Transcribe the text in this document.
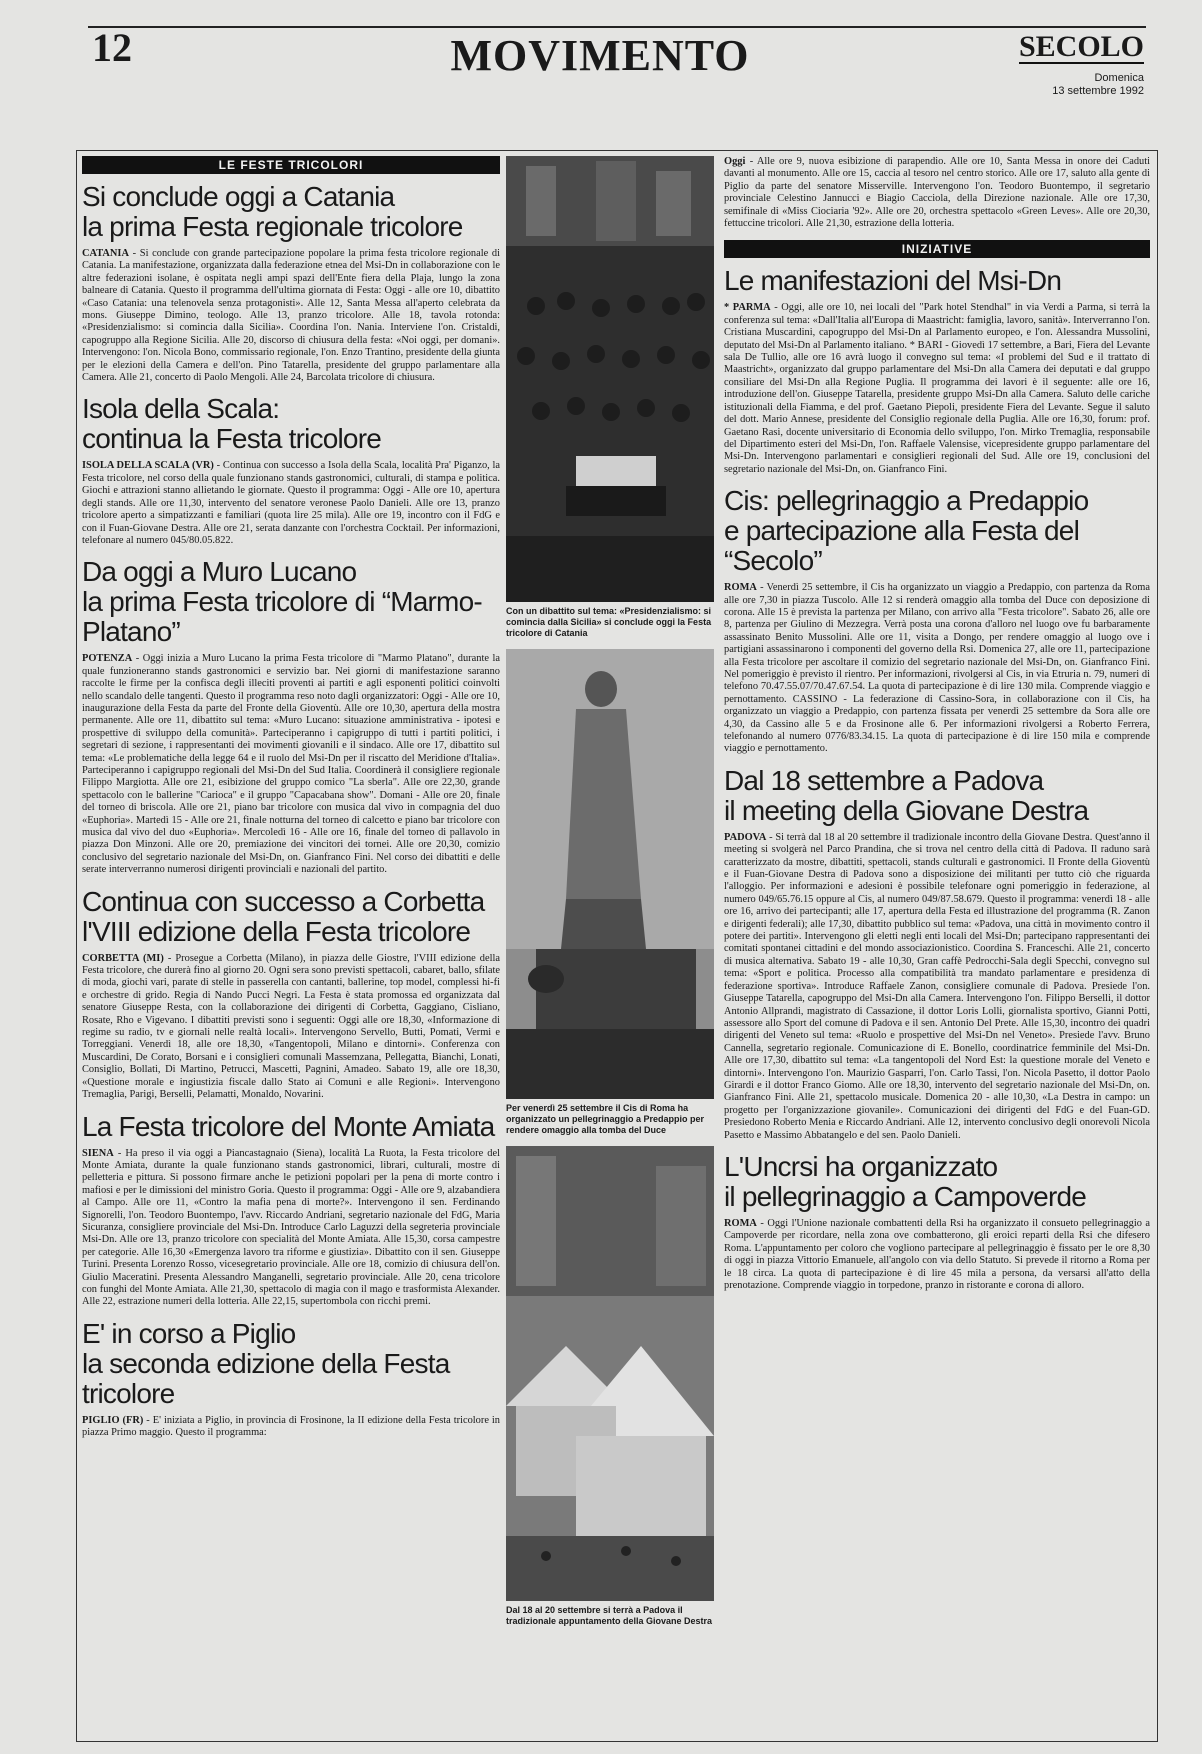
12	MOVIMENTO	SECOLO
Domenica
13 settembre 1992
LE FESTE TRICOLORI
Si conclude oggi a Catania
la prima Festa regionale tricolore

CATANIA - Si conclude con grande partecipazione popolare la prima festa tricolore regionale di Catania. La manifestazione, organizzata dalla federazione etnea del Msi-Dn in collaborazione con le altre federazioni isolane, è ospitata negli ampi spazi dell'Ente fiera della Plaja, lungo la zona balneare di Catania. Questo il programma dell'ultima giornata di Festa: Oggi - alle ore 10, dibattito «Caso Catania: una telenovela senza protagonisti». Alle 12, Santa Messa all'aperto celebrata da mons. Giuseppe Dimino, teologo. Alle 13, pranzo tricolore. Alle 18, tavola rotonda: «Presidenzialismo: si comincia dalla Sicilia». Coordina l'on. Nania. Interviene l'on. Cristaldi, capogruppo alla Regione Sicilia. Alle 20, discorso di chiusura della festa: «Noi oggi, per domani». Intervengono: l'on. Nicola Bono, commissario regionale, l'on. Enzo Trantino, presidente della giunta per le elezioni della Camera e dell'on. Pino Tatarella, presidente del gruppo parlamentare alla Camera. Alle 21, concerto di Paolo Mengoli. Alle 24, Barcolata tricolore di chiusura.

Isola della Scala:
continua la Festa tricolore

ISOLA DELLA SCALA (VR) - Continua con successo a Isola della Scala, località Pra' Piganzo, la Festa tricolore, nel corso della quale funzionano stands gastronomici, culturali, di stampa e politica. Giochi e attrazioni stanno allietando le giornate. Questo il programma: Oggi - Alle ore 10, apertura degli stands. Alle ore 11,30, intervento del senatore veronese Paolo Danieli. Alle ore 13, pranzo tricolore aperto a simpatizzanti e familiari (quota lire 25 mila). Alle ore 19, incontro con il FdG e con il Fuan-Giovane Destra. Alle ore 21, serata danzante con l'orchestra Cocktail. Per informazioni, telefonare al numero 045/80.05.822.

Da oggi a Muro Lucano
la prima Festa tricolore di “Marmo-Platano”

POTENZA - Oggi inizia a Muro Lucano la prima Festa tricolore di "Marmo Platano", durante la quale funzioneranno stands gastronomici e servizio bar. Nei giorni di manifestazione saranno raccolte le firme per la confisca degli illeciti proventi ai partiti e agli esponenti politici coinvolti nello scandalo delle tangenti. Questo il programma reso noto dagli organizzatori: Oggi - Alle ore 10, inaugurazione della Festa da parte del Fronte della Gioventù. Alle ore 10,30, apertura della mostra permanente. Alle ore 11, dibattito sul tema: «Muro Lucano: situazione amministrativa - ipotesi e prospettive di sviluppo della comunità». Parteciperanno i capigruppo di tutti i partiti politici, i segretari di sezione, i rappresentanti dei movimenti giovanili e il sindaco. Alle ore 17, dibattito sul tema: «Le problematiche della legge 64 e il ruolo del Msi-Dn per il riscatto del Meridione d'Italia». Parteciperanno i capigruppo regionali del Msi-Dn del Sud Italia. Coordinerà il consigliere regionale Filippo Margiotta. Alle ore 21, esibizione del gruppo comico "La sberla". Alle ore 22,30, grande spettacolo con le ballerine "Carioca" e il gruppo "Capacabana show". Domani - Alle ore 20, finale del torneo di briscola. Alle ore 21, piano bar tricolore con musica dal vivo in compagnia del duo «Euphoria». Martedì 15 - Alle ore 21, finale notturna del torneo di calcetto e piano bar tricolore con musica dal vivo del duo «Euphoria». Mercoledì 16 - Alle ore 16, finale del torneo di pallavolo in piazza Don Minzoni. Alle ore 20, premiazione dei vincitori dei tornei. Alle ore 20,30, comizio conclusivo del segretario nazionale del Msi-Dn, on. Gianfranco Fini. Nel corso dei dibattiti e delle serate interverranno numerosi dirigenti provinciali e nazionali del partito.

Continua con successo a Corbetta
l'VIII edizione della Festa tricolore

CORBETTA (MI) - Prosegue a Corbetta (Milano), in piazza delle Giostre, l'VIII edizione della Festa tricolore, che durerà fino al giorno 20. Ogni sera sono previsti spettacoli, cabaret, ballo, sfilate di moda, giochi vari, parate di stelle in passerella con cantanti, ballerine, top model, complessi hi-fi e orchestre di grido. Regia di Nando Pucci Negri. La Festa è stata promossa ed organizzata dal senatore Giuseppe Resta, con la collaborazione dei dirigenti di Corbetta, Gaggiano, Cisliano, Rosate, Rho e Vigevano. I dibattiti previsti sono i seguenti: Oggi alle ore 18,30, «Informazione di regime su radio, tv e giornali nelle realtà locali». Intervengono Servello, Butti, Pomati, Vermi e Torreggiani. Venerdì 18, alle ore 18,30, «Tangentopoli, Milano e dintorni». Conferenza con Muscardini, De Corato, Borsani e i consiglieri comunali Massemzana, Pellegatta, Bianchi, Lonati, Consiglio, Bollati, Di Martino, Petrucci, Mascetti, Pagnini, Amadeo. Sabato 19, alle ore 18,30, «Questione morale e ingiustizia fiscale dallo Stato ai Comuni e alle Regioni». Intervengono Tremaglia, Parigi, Berselli, Pelamatti, Monaldo, Novarini.

La Festa tricolore del Monte Amiata

SIENA - Ha preso il via oggi a Piancastagnaio (Siena), località La Ruota, la Festa tricolore del Monte Amiata, durante la quale funzionano stands gastronomici, librari, culturali, mostre di pelletteria e pittura. Si possono firmare anche le petizioni popolari per la pena di morte contro i mafiosi e per le dimissioni del ministro Goria. Questo il programma: Oggi - Alle ore 9, alzabandiera al Campo. Alle ore 11, «Contro la mafia pena di morte?». Intervengono il sen. Ferdinando Signorelli, l'on. Teodoro Buontempo, l'avv. Riccardo Andriani, segretario nazionale del FdG, Maria Sicuranza, consigliere provinciale del Msi-Dn. Introduce Carlo Laguzzi della segreteria provinciale Msi-Dn. Alle ore 13, pranzo tricolore con specialità del Monte Amiata. Alle 15,30, corsa campestre per categorie. Alle 16,30 «Emergenza lavoro tra riforme e giustizia». Dibattito con il sen. Giuseppe Turini. Presenta Lorenzo Rosso, vicesegretario provinciale. Alle ore 18, comizio di chiusura dell'on. Giulio Maceratini. Presenta Alessandro Manganelli, segretario provinciale. Alle 20, cena tricolore con funghi del Monte Amiata. Alle 21,30, spettacolo di magia con il mago e trasformista Alexander. Alle 22, estrazione numeri della lotteria. Alle 22,15, supertombola con ricchi premi.

E' in corso a Piglio
la seconda edizione della Festa tricolore

PIGLIO (FR) - E' iniziata a Piglio, in provincia di Frosinone, la II edizione della Festa tricolore in piazza Primo maggio. Questo il programma:

Con un dibattito sul tema: «Presidenzialismo: si comincia dalla Sicilia» si conclude oggi la Festa tricolore di Catania
Per venerdì 25 settembre il Cis di Roma ha organizzato un pellegrinaggio a Predappio per rendere omaggio alla tomba del Duce
Dal 18 al 20 settembre si terrà a Padova il tradizionale appuntamento della Giovane Destra

Oggi - Alle ore 9, nuova esibizione di parapendio. Alle ore 10, Santa Messa in onore dei Caduti davanti al monumento. Alle ore 15, caccia al tesoro nel centro storico. Alle ore 17, saluto alla gente di Piglio da parte del senatore Misserville. Intervengono l'on. Teodoro Buontempo, il segretario provinciale Celestino Jannucci e Biagio Cacciola, della Direzione nazionale. Alle ore 17,30, semifinale di «Miss Ciociaria '92». Alle ore 20, orchestra spettacolo «Green Leves». Alle ore 20,30, fettuccine tricolori. Alle 21,30, estrazione della lotteria.

INIZIATIVE
Le manifestazioni del Msi-Dn

* PARMA - Oggi, alle ore 10, nei locali del "Park hotel Stendhal" in via Verdi a Parma, si terrà la conferenza sul tema: «Dall'Italia all'Europa di Maastricht: famiglia, lavoro, sanità». Interverranno l'on. Cristiana Muscardini, capogruppo del Msi-Dn al Parlamento europeo, e l'on. Alessandra Mussolini, deputato del Msi-Dn al Parlamento italiano. * BARI - Giovedì 17 settembre, a Bari, Fiera del Levante sala De Tullio, alle ore 16 avrà luogo il convegno sul tema: «I problemi del Sud e il trattato di Maastricht», organizzato dal gruppo parlamentare del Msi-Dn alla Camera dei deputati e dal gruppo consiliare del Msi-Dn alla Regione Puglia. Il programma dei lavori è il seguente: alle ore 16, introduzione dell'on. Giuseppe Tatarella, presidente gruppo Msi-Dn alla Camera. Saluto delle cariche istituzionali della Fiamma, e del prof. Gaetano Piepoli, presidente Fiera del Levante. Segue il saluto del dott. Mario Annese, presidente del Consiglio regionale della Puglia. Alle ore 16,30, forum: prof. Gaetano Rasi, docente universitario di Economia dello sviluppo, l'on. Mirko Tremaglia, responsabile del Dipartimento esteri del Msi-Dn, l'on. Raffaele Valensise, vicepresidente gruppo parlamentare del Msi-Dn. Intervengono parlamentari e consiglieri regionali del Sud. Alle ore 19, conclusioni del segretario nazionale del Msi-Dn, on. Gianfranco Fini.

Cis: pellegrinaggio a Predappio
e partecipazione alla Festa del “Secolo”

ROMA - Venerdì 25 settembre, il Cis ha organizzato un viaggio a Predappio, con partenza da Roma alle ore 7,30 in piazza Tuscolo. Alle 12 si renderà omaggio alla tomba del Duce con deposizione di corona. Alle 15 è prevista la partenza per Milano, con arrivo alla "Festa tricolore". Sabato 26, alle ore 8, partenza per Giulino di Mezzegra. Verrà posta una corona d'alloro nel luogo ove fu barbaramente assassinato Benito Mussolini. Alle ore 11, visita a Dongo, per rendere omaggio al luogo ove i partigiani assassinarono i componenti del governo della Rsi. Domenica 27, alle ore 11, partecipazione alla Festa tricolore per ascoltare il comizio del segretario nazionale del Msi-Dn, on. Gianfranco Fini. Nel pomeriggio è previsto il rientro. Per informazioni, rivolgersi al Cis, in via Etruria n. 79, numeri di telefono 70.47.55.07/70.47.67.54. La quota di partecipazione è di lire 130 mila. Comprende viaggio e pernottamento. CASSINO - La federazione di Cassino-Sora, in collaborazione con il Cis, ha organizzato un viaggio a Predappio, con partenza fissata per venerdì 25 settembre da Sora alle ore 4,30, da Cassino alle 5 e da Frosinone alle 6. Per informazioni rivolgersi a Roberto Ferrera, telefonando al numero 0776/83.34.15. La quota di partecipazione è di lire 150 mila e comprende viaggio e pernottamento.

Dal 18 settembre a Padova
il meeting della Giovane Destra

PADOVA - Si terrà dal 18 al 20 settembre il tradizionale incontro della Giovane Destra. Quest'anno il meeting si svolgerà nel Parco Prandina, che si trova nel centro della città di Padova. Il raduno sarà caratterizzato da mostre, dibattiti, spettacoli, stands culturali e gastronomici. Il Fronte della Gioventù e il Fuan-Giovane Destra di Padova sono a disposizione dei militanti per tutto ciò che riguarda l'alloggio. Per informazioni e adesioni è possibile telefonare ogni pomeriggio in federazione, al numero 049/65.76.15 oppure al Cis, al numero 049/87.58.679. Questo il programma: venerdì 18 - alle ore 16, arrivo dei partecipanti; alle 17, apertura della Festa ed illustrazione del programma (R. Zanon e dirigenti federali); alle 17,30, dibattito pubblico sul tema: «Padova, una città in movimento contro il potere dei partiti». Intervengono gli eletti negli enti locali del Msi-Dn; partecipano rappresentanti dei comitati spontanei cittadini e del mondo associazionistico. Coordina S. Franceschi. Alle 21, concerto di musica alternativa. Sabato 19 - alle 10,30, Gran caffè Pedrocchi-Sala degli Specchi, convegno sul tema: «Sport e politica. Processo alla compatibilità tra mandato parlamentare e presidenza di federazione sportiva». Introduce Raffaele Zanon, consigliere comunale di Padova. Presiede l'on. Giuseppe Tatarella, capogruppo del Msi-Dn alla Camera. Intervengono l'on. Filippo Berselli, il dottor Antonio Allprandi, magistrato di Cassazione, il dottor Loris Lolli, giornalista sportivo, Gianni Potti, assessore allo Sport del comune di Padova e il sen. Antonio Del Prete. Alle 15,30, incontro dei quadri dirigenti del Veneto sul tema: «Ruolo e prospettive del Msi-Dn nel Veneto». Presiede l'avv. Bruno Cannella, segretario regionale. Comunicazione di E. Bonello, coordinatrice femminile del Msi-Dn. Alle ore 17,30, dibattito sul tema: «La tangentopoli del Nord Est: la questione morale del Veneto e dintorni». Intervengono l'on. Maurizio Gasparri, l'on. Carlo Tassi, l'on. Nicola Pasetto, il dottor Paolo Girardi e il dottor Franco Giomo. Alle ore 18,30, intervento del segretario nazionale del Msi-Dn, on. Gianfranco Fini. Alle 21, spettacolo musicale. Domenica 20 - alle 10,30, «La Destra in campo: un progetto per l'organizzazione giovanile». Comunicazioni dei dirigenti del FdG e del Fuan-GD. Presiedono Roberto Menia e Riccardo Andriani. Alle 12, intervento conclusivo degli onorevoli Nicola Pasetto e Massimo Abbatangelo e del sen. Paolo Danieli.

L'Uncrsi ha organizzato
il pellegrinaggio a Campoverde

ROMA - Oggi l'Unione nazionale combattenti della Rsi ha organizzato il consueto pellegrinaggio a Campoverde per ricordare, nella zona ove combatterono, gli eroici reparti della Rsi che difesero Roma. L'appuntamento per coloro che vogliono partecipare al pellegrinaggio è fissato per le ore 8,30 di oggi in piazza Vittorio Emanuele, all'angolo con via dello Statuto. Si prevede il ritorno a Roma per le 18 circa. La quota di partecipazione è di lire 45 mila a persona, da versarsi all'atto della prenotazione. Comprende viaggio in torpedone, pranzo in ristorante e corona di alloro.
